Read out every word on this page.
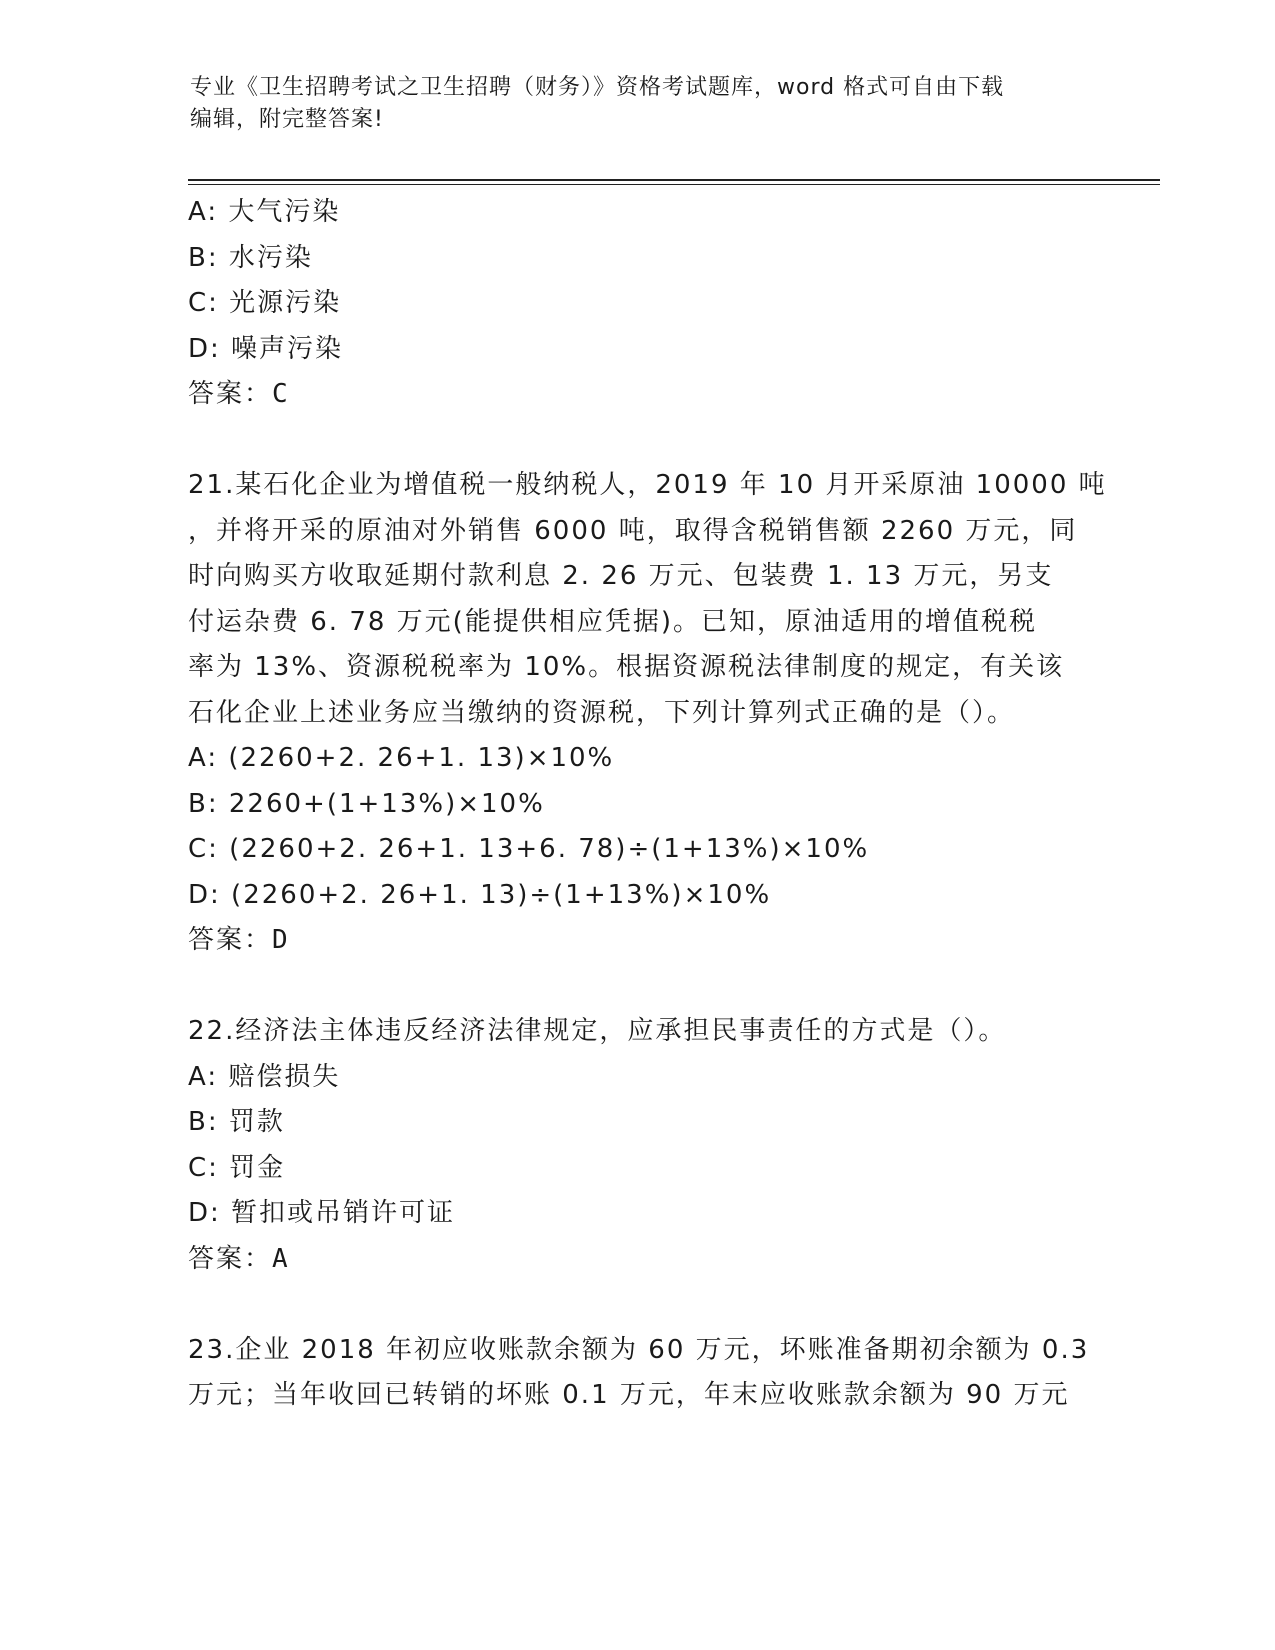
专业《卫生招聘考试之卫生招聘（财务）》资格考试题库，word 格式可自由下载
编辑，附完整答案!
A: 大气污染
B: 水污染
C: 光源污染
D: 噪声污染
答案：C
21.某石化企业为增值税一般纳税人，2019 年 10 月开采原油 10000 吨
，并将开采的原油对外销售 6000 吨，取得含税销售额 2260 万元，同
时向购买方收取延期付款利息 2. 26 万元、包装费 1. 13 万元，另支
付运杂费 6. 78 万元(能提供相应凭据)。已知，原油适用的增值税税
率为 13%、资源税税率为 10%。根据资源税法律制度的规定，有关该
石化企业上述业务应当缴纳的资源税，下列计算列式正确的是（）。
A: (2260+2. 26+1. 13)×10%
B: 2260+(1+13%)×10%
C: (2260+2. 26+1. 13+6. 78)÷(1+13%)×10%
D: (2260+2. 26+1. 13)÷(1+13%)×10%
答案：D
22.经济法主体违反经济法律规定，应承担民事责任的方式是（）。
A: 赔偿损失
B: 罚款
C: 罚金
D: 暂扣或吊销许可证
答案：A
23.企业 2018 年初应收账款余额为 60 万元，坏账准备期初余额为 0.3
万元；当年收回已转销的坏账 0.1 万元，年末应收账款余额为 90 万元
